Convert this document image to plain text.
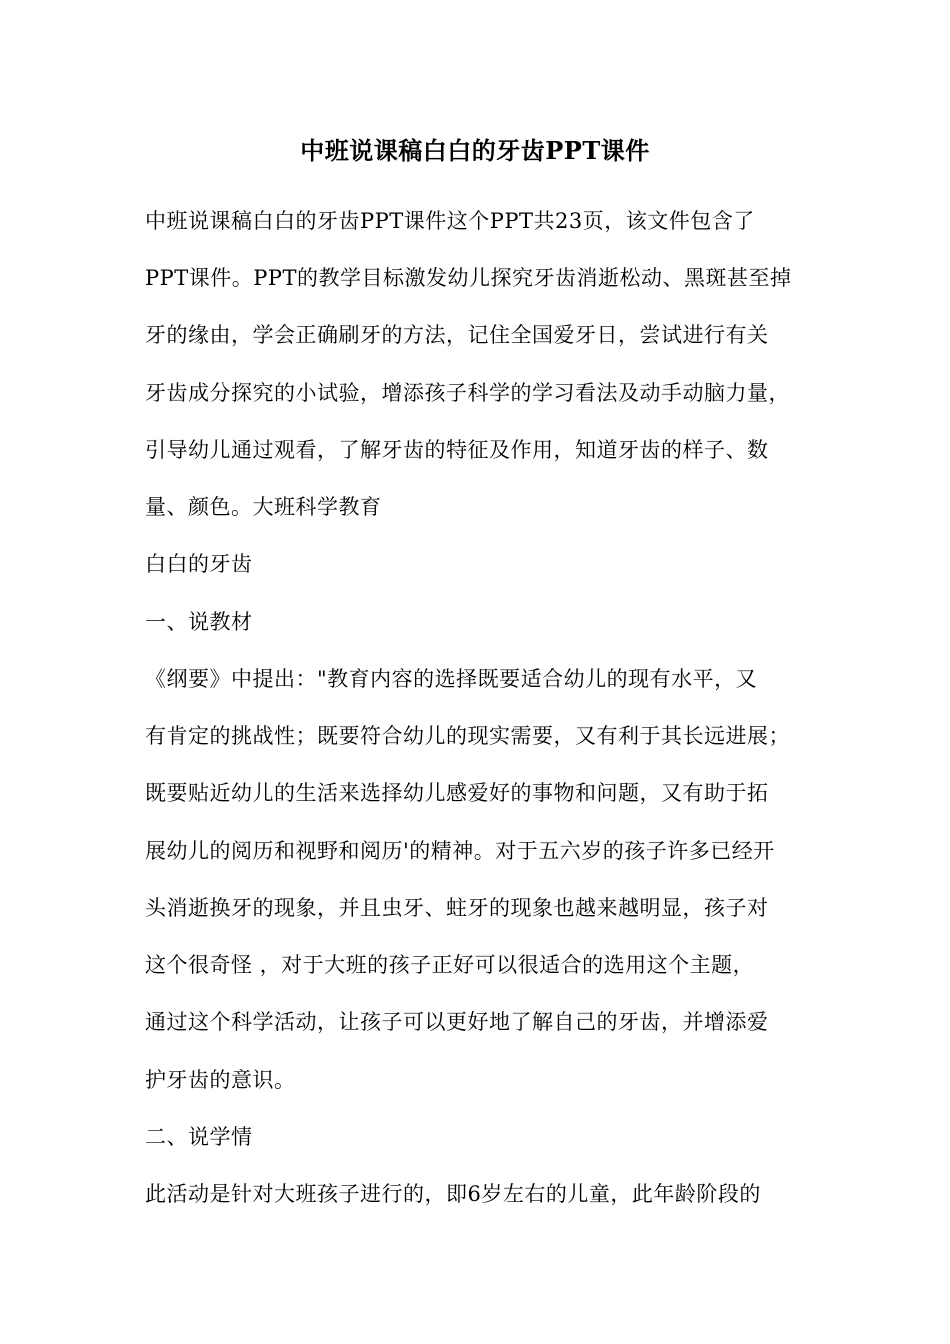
中班说课稿白白的牙齿PPT课件
中班说课稿白白的牙齿PPT课件这个PPT共23页，该文件包含了
PPT课件。PPT的教学目标激发幼儿探究牙齿消逝松动、黑斑甚至掉
牙的缘由，学会正确刷牙的方法，记住全国爱牙日，尝试进行有关
牙齿成分探究的小试验，增添孩子科学的学习看法及动手动脑力量，
引导幼儿通过观看，了解牙齿的特征及作用，知道牙齿的样子、数
量、颜色。大班科学教育
白白的牙齿
一、说教材
《纲要》中提出："教育内容的选择既要适合幼儿的现有水平，又
有肯定的挑战性；既要符合幼儿的现实需要，又有利于其长远进展；
既要贴近幼儿的生活来选择幼儿感爱好的事物和问题，又有助于拓
展幼儿的阅历和视野和阅历'的精神。对于五六岁的孩子许多已经开
头消逝换牙的现象，并且虫牙、蛀牙的现象也越来越明显，孩子对
这个很奇怪 ，对于大班的孩子正好可以很适合的选用这个主题，
通过这个科学活动，让孩子可以更好地了解自己的牙齿，并增添爱
护牙齿的意识。
二、说学情
此活动是针对大班孩子进行的，即6岁左右的儿童，此年龄阶段的
